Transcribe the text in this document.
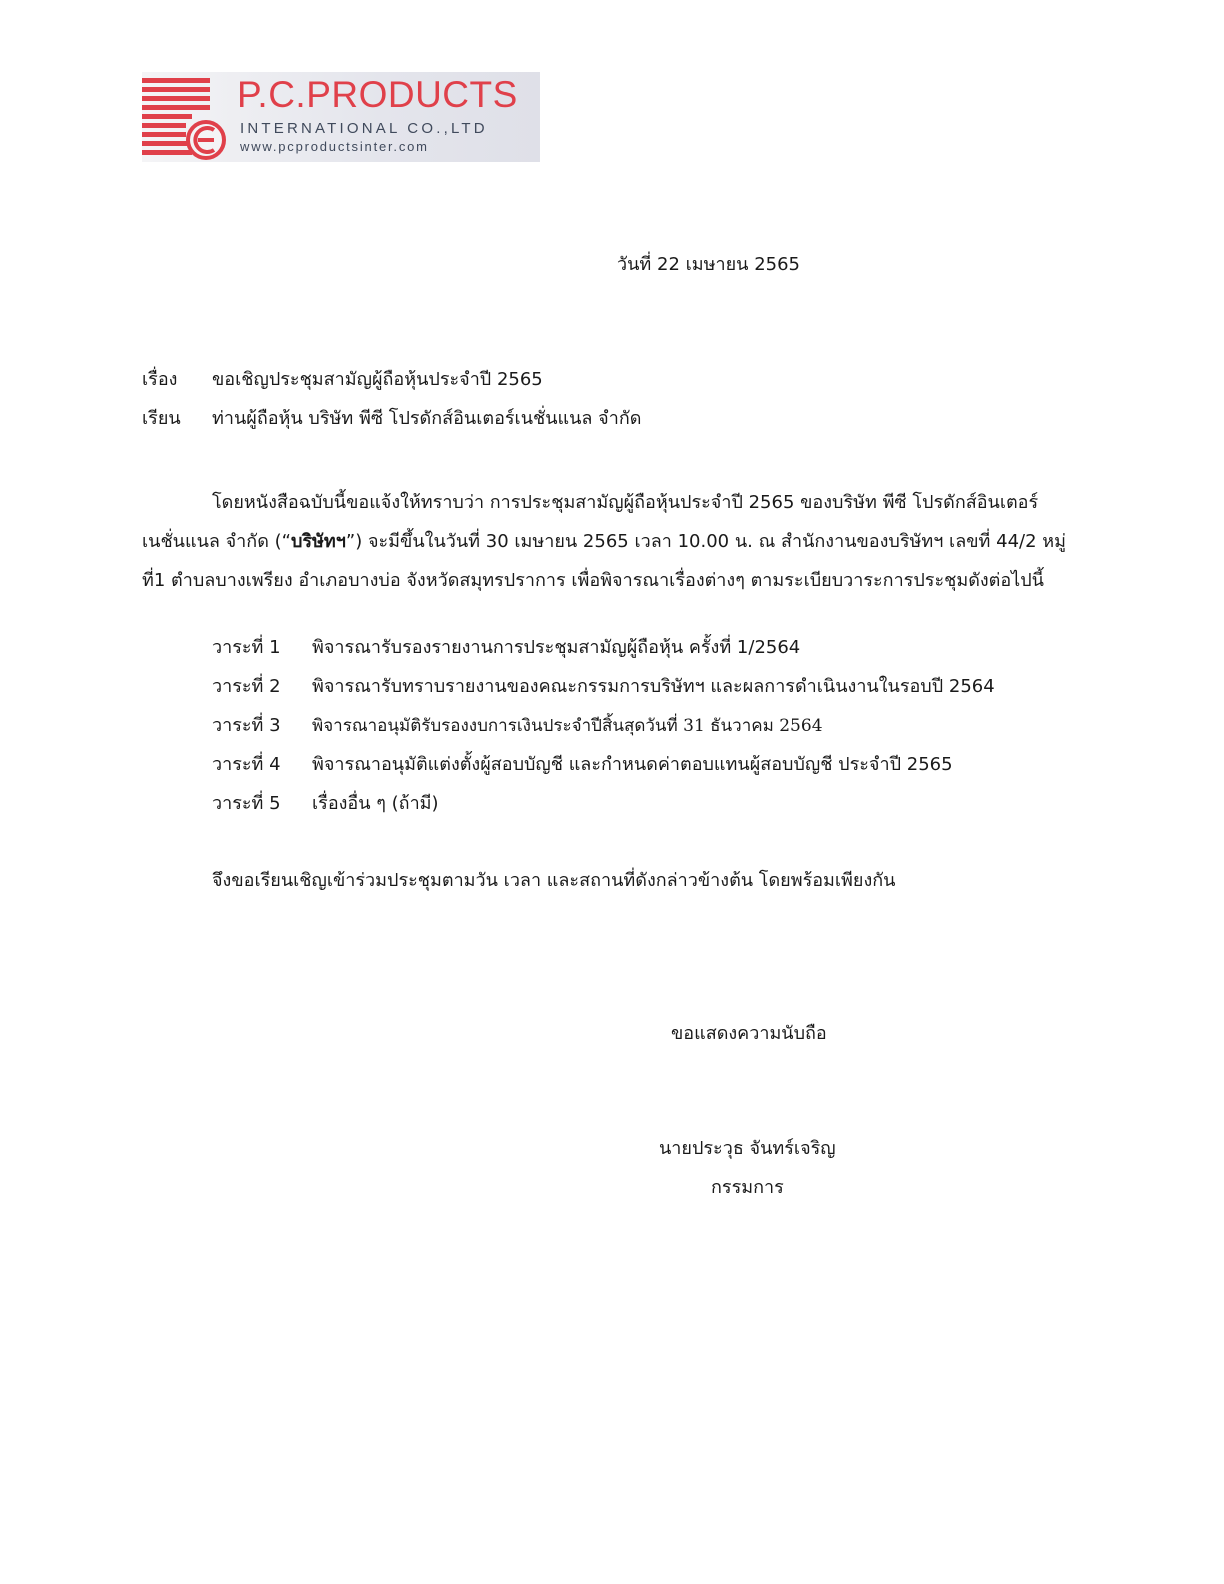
P.C.PRODUCTS
INTERNATIONAL CO.,LTD
www.pcproductsinter.com
วันที่ 22 เมษายน 2565
เรื่อง ขอเชิญประชุมสามัญผู้ถือหุ้นประจำปี 2565
เรียน ท่านผู้ถือหุ้น บริษัท พีซี โปรดักส์อินเตอร์เนชั่นแนล จำกัด

โดยหนังสือฉบับนี้ขอแจ้งให้ทราบว่า การประชุมสามัญผู้ถือหุ้นประจำปี 2565 ของบริษัท พีซี โปรดักส์อินเตอร์

เนชั่นแนล จำกัด (“บริษัทฯ”) จะมีขึ้นในวันที่ 30 เมษายน 2565 เวลา 10.00 น. ณ สำนักงานของบริษัทฯ เลขที่ 44/2 หมู่

ที่1 ตำบลบางเพรียง อำเภอบางบ่อ จังหวัดสมุทรปราการ เพื่อพิจารณาเรื่องต่างๆ ตามระเบียบวาระการประชุมดังต่อไปนี้

วาระที่ 1	พิจารณารับรองรายงานการประชุมสามัญผู้ถือหุ้น ครั้งที่ 1/2564
วาระที่ 2	พิจารณารับทราบรายงานของคณะกรรมการบริษัทฯ และผลการดำเนินงานในรอบปี 2564
วาระที่ 3	พิจารณาอนุมัติรับรองงบการเงินประจำปีสิ้นสุดวันที่ 31 ธันวาคม 2564
วาระที่ 4	พิจารณาอนุมัติแต่งตั้งผู้สอบบัญชี และกำหนดค่าตอบแทนผู้สอบบัญชี ประจำปี 2565
วาระที่ 5	เรื่องอื่น ๆ (ถ้ามี)
จึงขอเรียนเชิญเข้าร่วมประชุมตามวัน เวลา และสถานที่ดังกล่าวข้างต้น โดยพร้อมเพียงกัน
ขอแสดงความนับถือ
นายประวุธ จันทร์เจริญ
กรรมการ
